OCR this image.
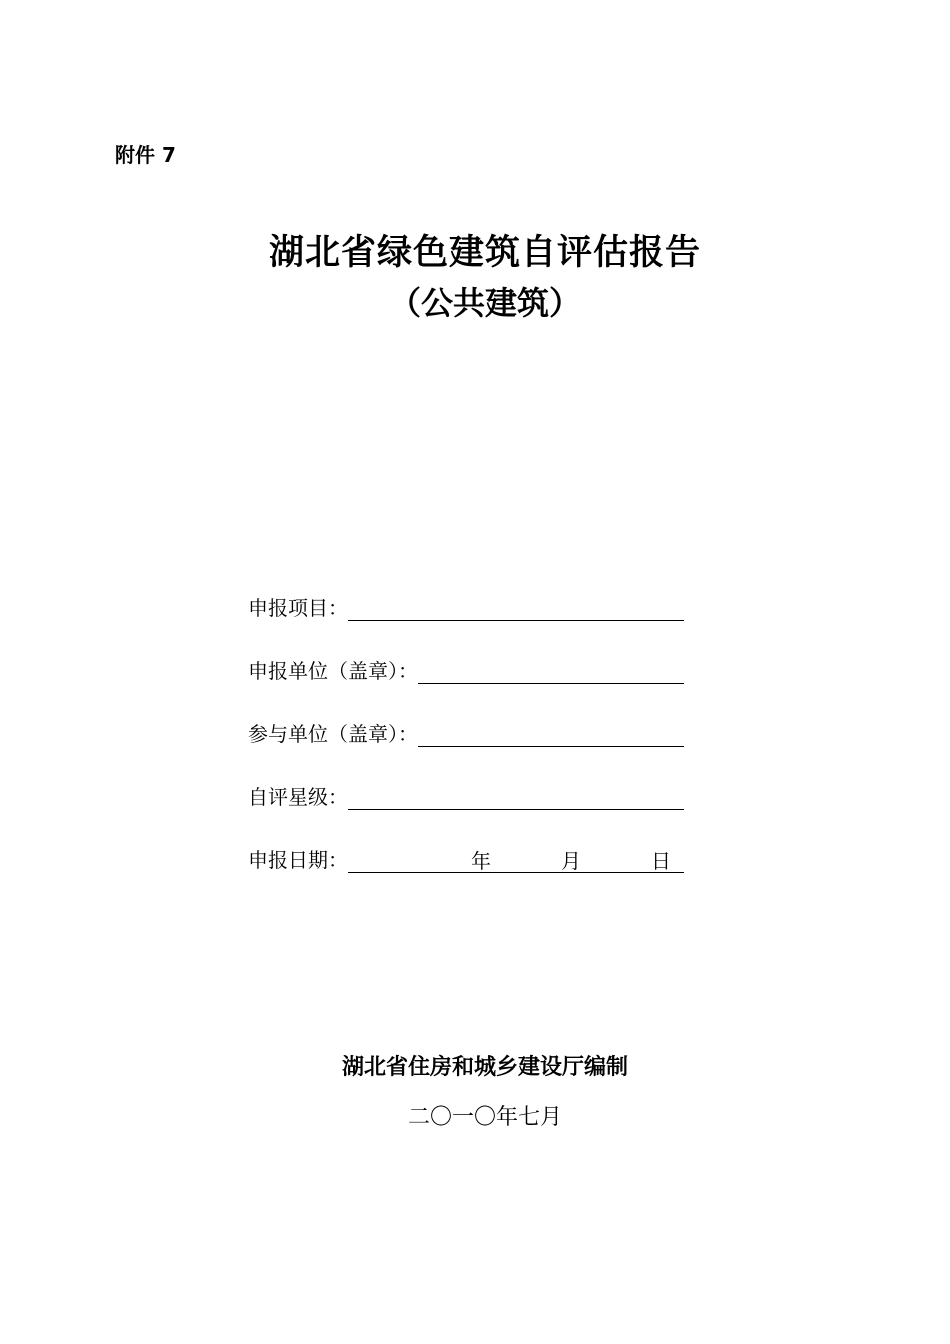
附件 7
湖北省绿色建筑自评估报告
（公共建筑）
申报项目：
申报单位（盖章）：
参与单位（盖章）：
自评星级：
申报日期：	年	月	日
湖北省住房和城乡建设厅编制
二〇一〇年七月
